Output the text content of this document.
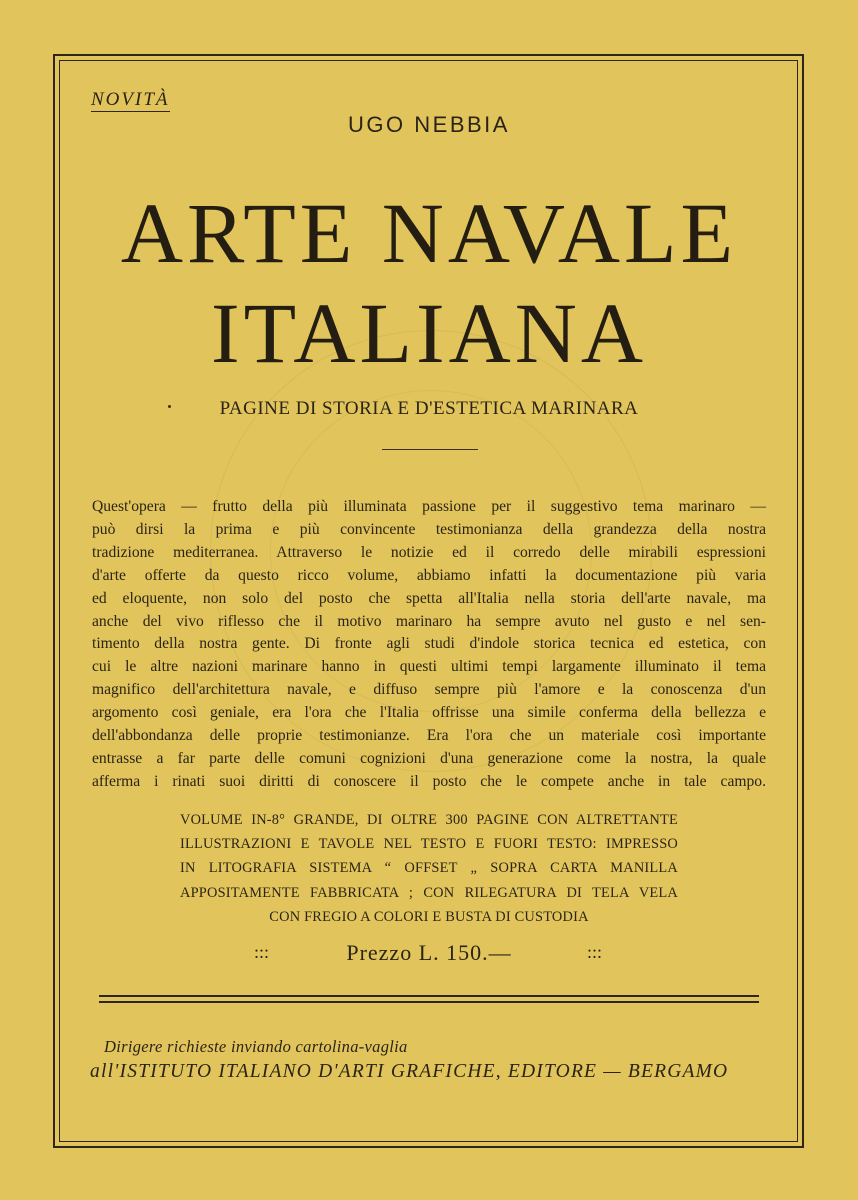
NOVITÀ
UGO NEBBIA
ARTE NAVALE
ITALIANA
PAGINE DI STORIA E D'ESTETICA MARINARA
Quest'opera — frutto della più illuminata passione per il suggestivo tema marinaro —
può dirsi la prima e più convincente testimonianza della grandezza della nostra
tradizione mediterranea. Attraverso le notizie ed il corredo delle mirabili espressioni
d'arte offerte da questo ricco volume, abbiamo infatti la documentazione più varia
ed eloquente, non solo del posto che spetta all'Italia nella storia dell'arte navale, ma
anche del vivo riflesso che il motivo marinaro ha sempre avuto nel gusto e nel sen-
timento della nostra gente. Di fronte agli studi d'indole storica tecnica ed estetica, con
cui le altre nazioni marinare hanno in questi ultimi tempi largamente illuminato il tema
magnifico dell'architettura navale, e diffuso sempre più l'amore e la conoscenza d'un
argomento così geniale, era l'ora che l'Italia offrisse una simile conferma della bellezza e
dell'abbondanza delle proprie testimonianze. Era l'ora che un materiale così importante
entrasse a far parte delle comuni cognizioni d'una generazione come la nostra, la quale
afferma i rinati suoi diritti di conoscere il posto che le compete anche in tale campo.
VOLUME IN-8° GRANDE, DI OLTRE 300 PAGINE CON ALTRETTANTE
ILLUSTRAZIONI E TAVOLE NEL TESTO E FUORI TESTO: IMPRESSO
IN LITOGRAFIA SISTEMA “ OFFSET „ SOPRA CARTA MANILLA
APPOSITAMENTE FABBRICATA ; CON RILEGATURA DI TELA VELA
CON FREGIO A COLORI E BUSTA DI CUSTODIA
:::	Prezzo L. 150.—	:::
Dirigere richieste inviando cartolina-vaglia
all'ISTITUTO ITALIANO D'ARTI GRAFICHE, EDITORE — BERGAMO
